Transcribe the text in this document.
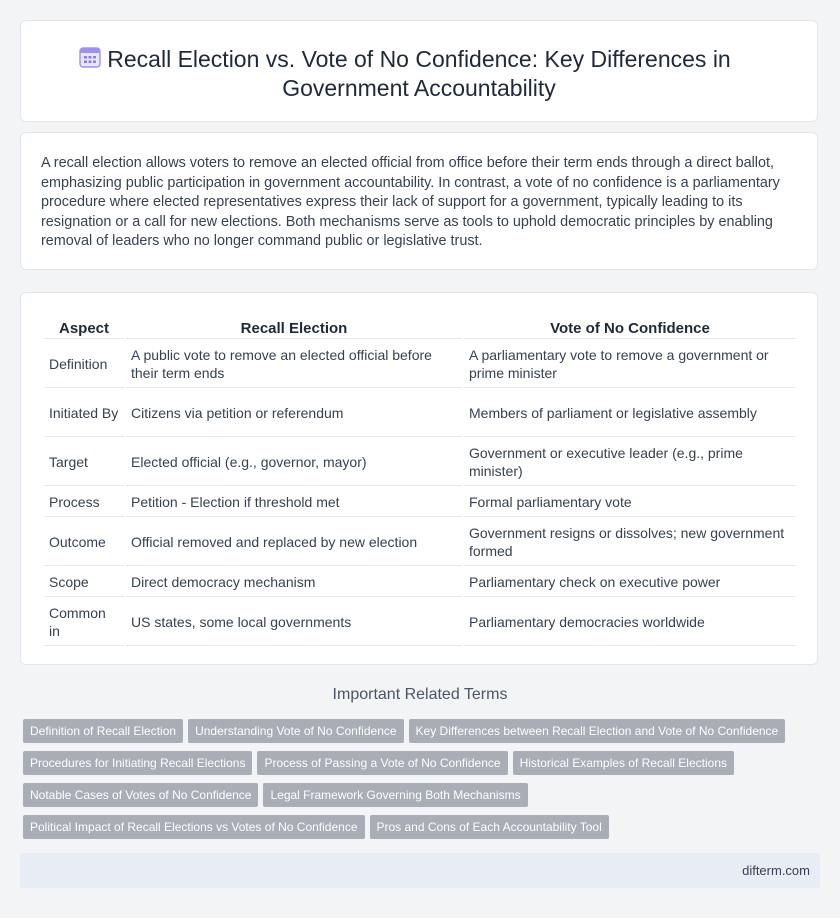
Recall Election vs. Vote of No Confidence: Key Differences in Government Accountability

A recall election allows voters to remove an elected official from office before their term ends through a direct ballot, emphasizing public participation in government accountability. In contrast, a vote of no confidence is a parliamentary procedure where elected representatives express their lack of support for a government, typically leading to its resignation or a call for new elections. Both mechanisms serve as tools to uphold democratic principles by enabling removal of leaders who no longer command public or legislative trust.

Aspect	Recall Election	Vote of No Confidence
Definition	A public vote to remove an elected official before their term ends	A parliamentary vote to remove a government or prime minister
Initiated By	Citizens via petition or referendum	Members of parliament or legislative assembly
Target	Elected official (e.g., governor, mayor)	Government or executive leader (e.g., prime minister)
Process	Petition - Election if threshold met	Formal parliamentary vote
Outcome	Official removed and replaced by new election	Government resigns or dissolves; new government formed
Scope	Direct democracy mechanism	Parliamentary check on executive power
Common in	US states, some local governments	Parliamentary democracies worldwide
Important Related Terms
Definition of Recall Election Understanding Vote of No Confidence Key Differences between Recall Election and Vote of No Confidence
Procedures for Initiating Recall Elections Process of Passing a Vote of No Confidence Historical Examples of Recall Elections
Notable Cases of Votes of No Confidence Legal Framework Governing Both Mechanisms
Political Impact of Recall Elections vs Votes of No Confidence Pros and Cons of Each Accountability Tool
difterm.com
